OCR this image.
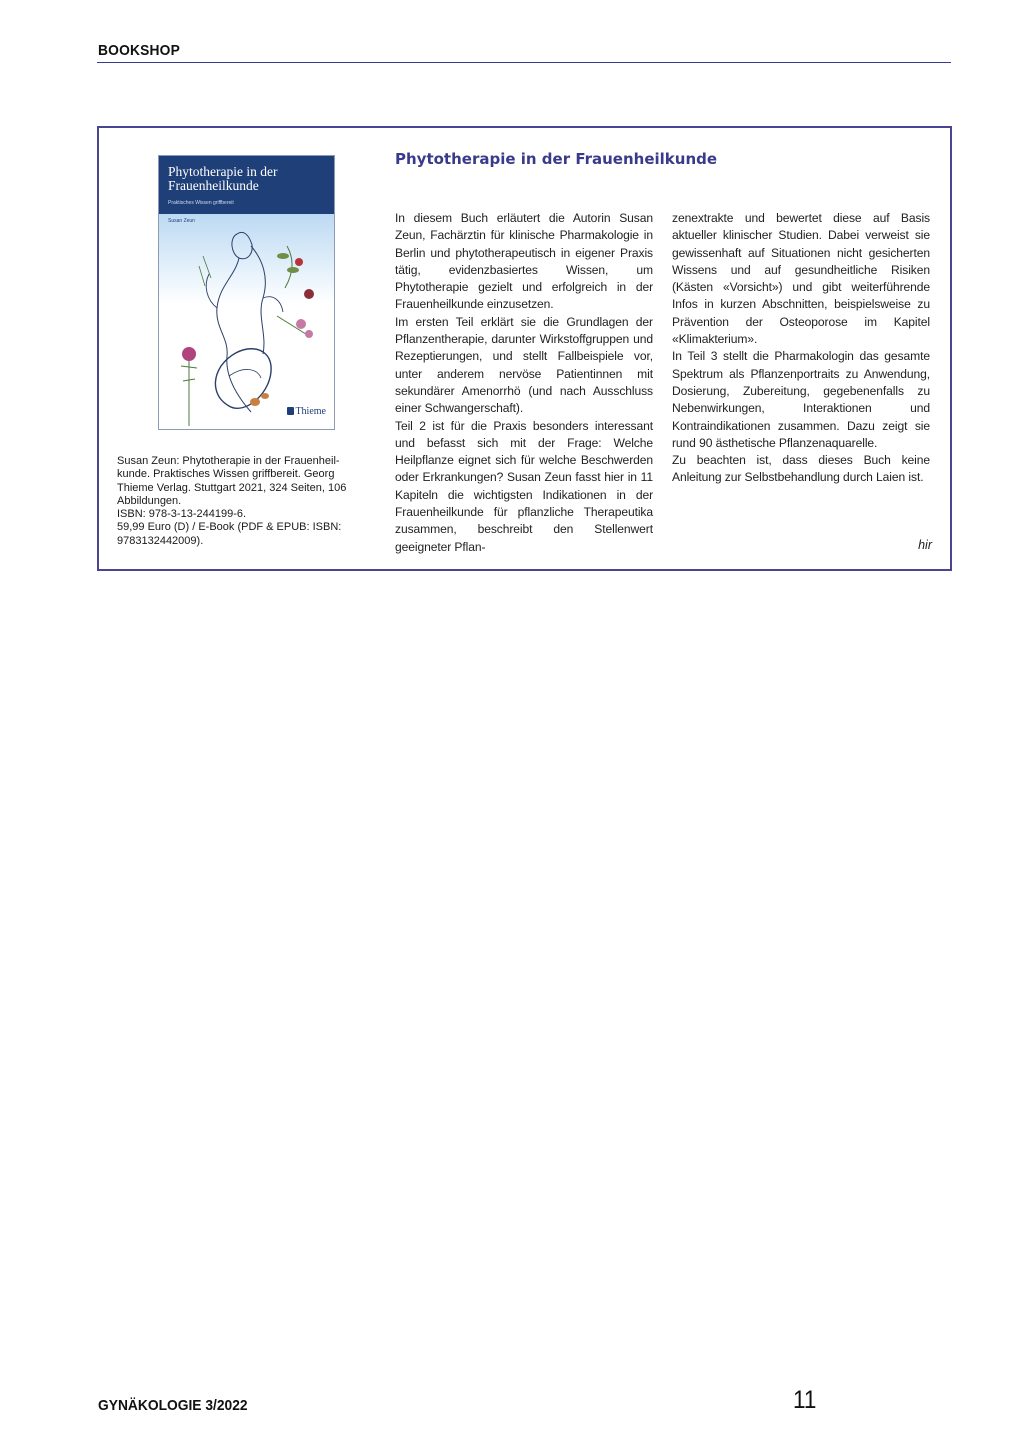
BOOKSHOP
Phytotherapie in der Frauenheilkunde
Praktisches Wissen griffbereit
Susan Zeun
Thieme
Susan Zeun: Phytotherapie in der Frauenheil-
kunde. Praktisches Wissen griffbereit. Georg
Thieme Verlag. Stuttgart 2021, 324 Seiten, 106
Abbildungen.
ISBN: 978-3-13-244199-6.
59,99 Euro (D) / E-Book (PDF & EPUB: ISBN:
9783132442009).
Phytotherapie in der Frauenheilkunde

In diesem Buch erläutert die Autorin Susan Zeun, Fachärztin für klinische Pharmakologie in Berlin und phytotherapeutisch in eigener Praxis tätig, evidenzbasiertes Wissen, um Phytotherapie gezielt und erfolgreich in der Frauenheilkunde einzusetzen.

Im ersten Teil erklärt sie die Grundlagen der Pflanzentherapie, darunter Wirkstoffgruppen und Rezeptierungen, und stellt Fallbeispiele vor, unter anderem nervöse Patientinnen mit sekundärer Amenorrhö (und nach Ausschluss einer Schwangerschaft).

Teil 2 ist für die Praxis besonders interessant und befasst sich mit der Frage: Welche Heilpflanze eignet sich für welche Beschwerden oder Erkrankungen? Susan Zeun fasst hier in 11 Kapiteln die wichtigsten Indikationen in der Frauenheilkunde für pflanzliche Therapeutika zusammen, beschreibt den Stellenwert geeigneter Pflan-

zenextrakte und bewertet diese auf Basis aktueller klinischer Studien. Dabei verweist sie gewissenhaft auf Situationen nicht gesicherten Wissens und auf gesundheitliche Risiken (Kästen «Vorsicht») und gibt weiterführende Infos in kurzen Abschnitten, beispielsweise zu Prävention der Osteoporose im Kapitel «Klimakterium».

In Teil 3 stellt die Pharmakologin das gesamte Spektrum als Pflanzenportraits zu Anwendung, Dosierung, Zubereitung, gegebenenfalls zu Nebenwirkungen, Interaktionen und Kontraindikationen zusammen. Dazu zeigt sie rund 90 ästhetische Pflanzenaquarelle.

Zu beachten ist, dass dieses Buch keine Anleitung zur Selbstbehandlung durch Laien ist.

hir
GYNÄKOLOGIE 3/2022	11
